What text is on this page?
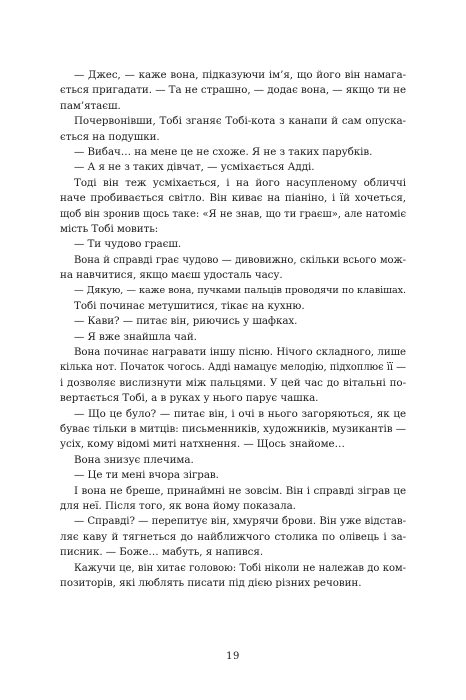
— Джес, — каже вона, підказуючи ім’я, що його він намага-
ється пригадати. — Та не страшно, — додає вона, — якщо ти не
пам’ятаєш.
Почервонівши, Тобі зганяє Тобі-кота з канапи й сам опуска-
ється на подушки.
— Вибач… на мене це не схоже. Я не з таких парубків.
— А я не з таких дівчат, — усміхається Адді.
Тоді він теж усміхається, і на його насупленому обличчі
наче пробивається світло. Він киває на піаніно, і їй хочеться,
щоб він зронив щось таке: «Я не знав, що ти граєш», але натоміє
мість Тобі мовить:
— Ти чудово граєш.
Вона й справді грає чудово — дивовижно, скільки всього мож-
на навчитися, якщо маєш удосталь часу.
— Дякую, — каже вона, пучками пальців проводячи по клавішах.
Тобі починає метушитися, тікає на кухню.
— Кави? — питає він, риючись у шафках.
— Я вже знайшла чай.
Вона починає награвати іншу пісню. Нічого складного, лише
кілька нот. Початок чогось. Адді намацує мелодію, підхоплює її —
і дозволяє вислизнути між пальцями. У цей час до вітальні по-
вертається Тобі, а в руках у нього парує чашка.
— Що це було? — питає він, і очі в нього загоряються, як це
буває тільки в митців: письменників, художників, музикантів —
усіх, кому відомі миті натхнення. — Щось знайоме…
Вона знизує плечима.
— Це ти мені вчора зіграв.
І вона не бреше, принаймні не зовсім. Він і справді зіграв це
для неї. Після того, як вона йому показала.
— Справді? — перепитує він, хмурячи брови. Він уже відстав-
ляє каву й тягнеться до найближчого столика по олівець і за-
писник. — Боже… мабуть, я напився.
Кажучи це, він хитає головою: Тобі ніколи не належав до ком-
позиторів, які люблять писати під дією різних речовин.
19
